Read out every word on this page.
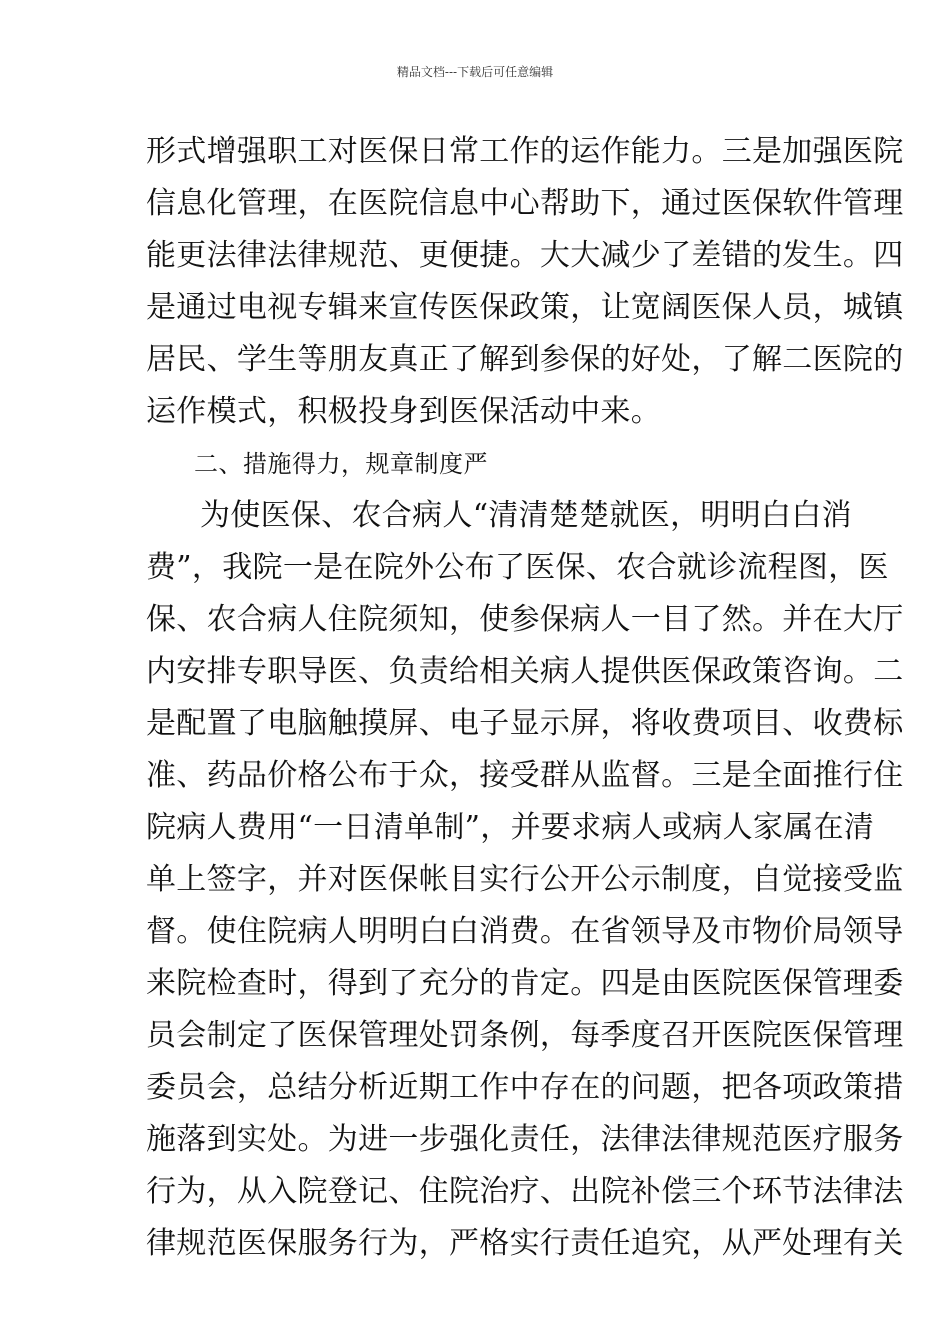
精品文档---下载后可任意编辑
形式增强职工对医保日常工作的运作能力。三是加强医院
信息化管理，在医院信息中心帮助下，通过医保软件管理
能更法律法律规范、更便捷。大大减少了差错的发生。四
是通过电视专辑来宣传医保政策，让宽阔医保人员，城镇
居民、学生等朋友真正了解到参保的好处，了解二医院的
运作模式，积极投身到医保活动中来。
二、措施得力，规章制度严
为使医保、农合病人“清清楚楚就医，明明白白消
费”，我院一是在院外公布了医保、农合就诊流程图，医
保、农合病人住院须知，使参保病人一目了然。并在大厅
内安排专职导医、负责给相关病人提供医保政策咨询。二
是配置了电脑触摸屏、电子显示屏，将收费项目、收费标
准、药品价格公布于众，接受群从监督。三是全面推行住
院病人费用“一日清单制”，并要求病人或病人家属在清
单上签字，并对医保帐目实行公开公示制度，自觉接受监
督。使住院病人明明白白消费。在省领导及市物价局领导
来院检查时，得到了充分的肯定。四是由医院医保管理委
员会制定了医保管理处罚条例，每季度召开医院医保管理
委员会，总结分析近期工作中存在的问题，把各项政策措
施落到实处。为进一步强化责任，法律法律规范医疗服务
行为，从入院登记、住院治疗、出院补偿三个环节法律法
律规范医保服务行为，严格实行责任追究，从严处理有关
